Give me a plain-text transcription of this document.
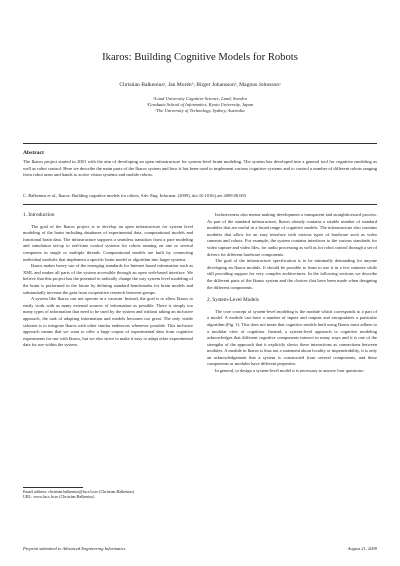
Ikaros: Building Cognitive Models for Robots
Christian Balkeniusᵃ, Jan Morénᵇ, Birger Johanssonᵃ, Magnus Johnssonᵃ
ᵃLund University Cognitive Science, Lund, Sweden
ᵇGraduate School of Informatics, Kyoto University, Japan
ᶜThe University of Technology, Sydney, Australia
Abstract
The Ikaros project started in 2001 with the aim of developing an open infrastructure for system-level brain modeling. The system has developed into a general tool for cognitive modeling as well as robot control. Here we describe the main parts of the Ikaros system and how it has been used to implement various cognitive systems and to control a number of different robots ranging from robot arms and hands to active vision systems and mobile robots.
C. Balkenius et al., Ikaros: Building cognitive models for robots, Adv. Eng. Informat. (2009), doi:10.1016/j.aei.2009.08.003
1. Introduction

The goal of the Ikaros project is to develop an open infrastructure for system level modeling of the brain including databases of experimental data, computational models and functional brain data. The infrastructure supports a seamless transition from a pure modeling and simulation set-up to real-time control systems for robots running on one or several computers in single or multiple threads. Computational models are built by connecting individual modules that implement a specific brain model or algorithm into larger systems.

Ikaros makes heavy use of the emerging standards for Internet based information such as XML and makes all parts of the system accessible through an open web-based interface. We believe that this project has the potential to radically change the way system level modeling of the brain is performed in the future by defining standard benchmarks for brain models and substantially increase the gain from cooperative research between groups.

A system like Ikaros can not operate in a vacuum. Instead, the goal is to allow Ikaros to easily work with as many external sources of information as possible. There is simply too many types of information that need to be used by the system and without taking an inclusive approach, the task of adapting information and models becomes too great. The only viable solution is to integrate Ikaros with other similar endeavors whenever possible. This inclusive approach means that we want to offer a large corpus of experimental data from cognitive experiments for use with Ikaros, but we also strive to make it easy to adapt other experimental data for use within the system.

Email address: christian.balkenius@lucs.lu.se (Christian Balkenius)
URL: www.lucs.lu.se (Christian Balkenius)

Inclusiveness also means making development a transparent and straightforward process. As part of the standard infrastructure, Ikaros already contains a sizable number of standard modules that are useful in a broad range of cognitive models. The infrastructure also contains modules that allow for an easy interface with various types of hardware such as video cameras and robots. For example, the system contains interfaces to the various standards for video capture and video files, for audio processing as well as for robot control through a set of drivers for different hardware components.

The goal of the infrastructure specification is to be minimally demanding for anyone developing an Ikaros module. It should be possible to learn to use it in a few minutes while still providing support for very complex architectures. In the following sections we describe the different parts of the Ikaros system and the choices that have been made when designing the different components.

2. System-Level Models

The core concept of system-level modeling is the module which corresponds to a part of a model. A module can have a number of inputs and outputs and encapsulates a particular algorithm (Fig. 1). This does not mean that cognitive models built using Ikaros must adhere to a modular view of cognition. Instead, a system-level approach to cognitive modeling acknowledges that different cognitive components interact in many ways and it is one of the strengths of the approach that it explicitly shows these interactions as connections between modules. A module in Ikaros is thus not a statement about locality or impenetrability, it is only an acknowledgement that a system is constructed from several components, and these components or modules have different properties.

In general, to design a system-level model it is necessary to answer four questions:

Preprint submitted to Advanced Engineering Informatics	August 21, 2009
